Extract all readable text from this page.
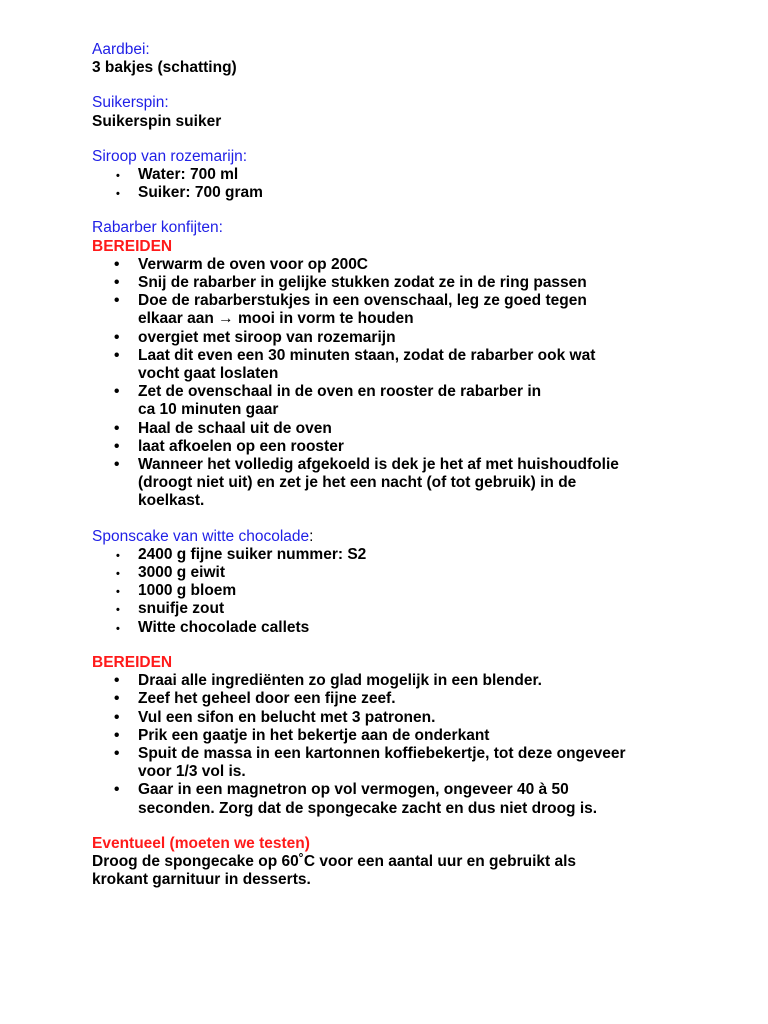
Aardbei:
3 bakjes (schatting)
Suikerspin:
Suikerspin suiker
Siroop van rozemarijn:
• Water: 700 ml
• Suiker: 700 gram
Rabarber konfijten:
BEREIDEN
• Verwarm de oven voor op 200C
• Snij de rabarber in gelijke stukken zodat ze in de ring passen
• Doe de rabarberstukjes in een ovenschaal, leg ze goed tegen
elkaar aan → mooi in vorm te houden
• overgiet met siroop van rozemarijn
• Laat dit even een 30 minuten staan, zodat de rabarber ook wat
vocht gaat loslaten
• Zet de ovenschaal in de oven en rooster de rabarber in
ca 10 minuten gaar
• Haal de schaal uit de oven
• laat afkoelen op een rooster
• Wanneer het volledig afgekoeld is dek je het af met huishoudfolie
(droogt niet uit) en zet je het een nacht (of tot gebruik) in de
koelkast.
Sponscake van witte chocolade:
• 2400 g fijne suiker nummer: S2
• 3000 g eiwit
• 1000 g bloem
• snuifje zout
• Witte chocolade callets
BEREIDEN
• Draai alle ingrediënten zo glad mogelijk in een blender.
• Zeef het geheel door een fijne zeef.
• Vul een sifon en belucht met 3 patronen.
• Prik een gaatje in het bekertje aan de onderkant
• Spuit de massa in een kartonnen koffiebekertje, tot deze ongeveer
voor 1/3 vol is.
• Gaar in een magnetron op vol vermogen, ongeveer 40 à 50
seconden. Zorg dat de spongecake zacht en dus niet droog is.
Eventueel (moeten we testen)
Droog de spongecake op 60˚C voor een aantal uur en gebruikt als
krokant garnituur in desserts.
